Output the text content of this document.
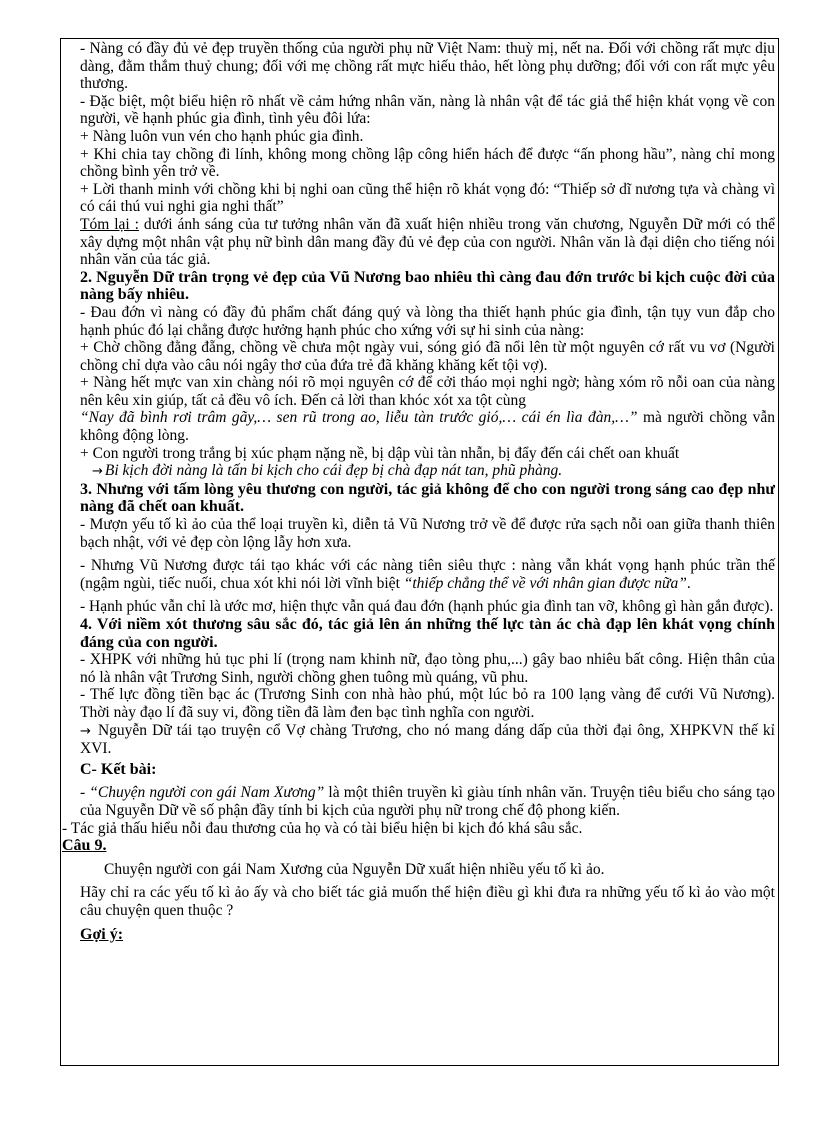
- Nàng có đầy đủ vẻ đẹp truyền thống của người phụ nữ Việt Nam: thuỳ mị, nết na. Đối với chồng rất mực dịu dàng, đằm thắm thuỷ chung; đối với mẹ chồng rất mực hiếu thảo, hết lòng phụ dưỡng; đối với con rất mực yêu thương.

- Đặc biệt, một biểu hiện rõ nhất về cảm hứng nhân văn, nàng là nhân vật để tác giả thể hiện khát vọng về con người, về hạnh phúc gia đình, tình yêu đôi lứa:

+ Nàng luôn vun vén cho hạnh phúc gia đình.

+ Khi chia tay chồng đi lính, không mong chồng lập công hiển hách để được “ấn phong hầu”, nàng chỉ mong chồng bình yên trở về.

+ Lời thanh minh với chồng khi bị nghi oan cũng thể hiện rõ khát vọng đó: “Thiếp sở dĩ nương tựa và chàng vì có cái thú vui nghi gia nghi thất”

Tóm lại : dưới ánh sáng của tư tưởng nhân văn đã xuất hiện nhiều trong văn chương, Nguyễn Dữ mới có thể xây dựng một nhân vật phụ nữ bình dân mang đầy đủ vẻ đẹp của con người. Nhân văn là đại diện cho tiếng nói nhân văn của tác giả.

2. Nguyễn Dữ trân trọng vẻ đẹp của Vũ Nương bao nhiêu thì càng đau đớn trước bi kịch cuộc đời của nàng bấy nhiêu.

- Đau đớn vì nàng có đầy đủ phẩm chất đáng quý và lòng tha thiết hạnh phúc gia đình, tận tụy vun đắp cho hạnh phúc đó lại chẳng được hưởng hạnh phúc cho xứng với sự hi sinh của nàng:

+ Chờ chồng đằng đẵng, chồng về chưa một ngày vui, sóng gió đã nổi lên từ một nguyên cớ rất vu vơ (Người chồng chỉ dựa vào câu nói ngây thơ của đứa trẻ đã khăng khăng kết tội vợ).

+ Nàng hết mực van xin chàng nói rõ mọi nguyên cớ để cởi tháo mọi nghi ngờ; hàng xóm rõ nỗi oan của nàng nên kêu xin giúp, tất cả đều vô ích. Đến cả lời than khóc xót xa tột cùng

“Nay đã bình rơi trâm gãy,… sen rũ trong ao, liễu tàn trước gió,… cái én lìa đàn,…” mà người chồng vẫn không động lòng.

+ Con người trong trắng bị xúc phạm nặng nề, bị dập vùi tàn nhẫn, bị đẩy đến cái chết oan khuất

→ Bi kịch đời nàng là tấn bi kịch cho cái đẹp bị chà đạp nát tan, phũ phàng.

3. Nhưng với tấm lòng yêu thương con người, tác giả không để cho con người trong sáng cao đẹp như nàng đã chết oan khuất.

- Mượn yếu tố kì ảo của thể loại truyền kì, diễn tả Vũ Nương trở về để được rửa sạch nỗi oan giữa thanh thiên bạch nhật, với vẻ đẹp còn lộng lẫy hơn xưa.

- Nhưng Vũ Nương được tái tạo khác với các nàng tiên siêu thực : nàng vẫn khát vọng hạnh phúc trần thế (ngậm ngùi, tiếc nuối, chua xót khi nói lời vĩnh biệt “thiếp chẳng thể về với nhân gian được nữa”.

- Hạnh phúc vẫn chỉ là ước mơ, hiện thực vẫn quá đau đớn (hạnh phúc gia đình tan vỡ, không gì hàn gắn được).

4. Với niềm xót thương sâu sắc đó, tác giả lên án những thế lực tàn ác chà đạp lên khát vọng chính đáng của con người.

- XHPK với những hủ tục phi lí (trọng nam khinh nữ, đạo tòng phu,...) gây bao nhiêu bất công. Hiện thân của nó là nhân vật Trương Sinh, người chồng ghen tuông mù quáng, vũ phu.

- Thế lực đồng tiền bạc ác (Trương Sinh con nhà hào phú, một lúc bỏ ra 100 lạng vàng để cưới Vũ Nương). Thời này đạo lí đã suy vi, đồng tiền đã làm đen bạc tình nghĩa con người.

→ Nguyễn Dữ tái tạo truyện cổ Vợ chàng Trương, cho nó mang dáng dấp của thời đại ông, XHPKVN thế kỉ XVI.

C- Kết bài:

- “Chuyện người con gái Nam Xương” là một thiên truyền kì giàu tính nhân văn. Truyện tiêu biểu cho sáng tạo của Nguyễn Dữ về số phận đầy tính bi kịch của người phụ nữ trong chế độ phong kiến.

- Tác giả thấu hiểu nỗi đau thương của họ và có tài biểu hiện bi kịch đó khá sâu sắc.

Câu 9.

Chuyện người con gái Nam Xương của Nguyễn Dữ xuất hiện nhiều yếu tố kì ảo.

Hãy chỉ ra các yếu tố kì ảo ấy và cho biết tác giả muốn thể hiện điều gì khi đưa ra những yếu tố kì ảo vào một câu chuyện quen thuộc ?

Gợi ý:
